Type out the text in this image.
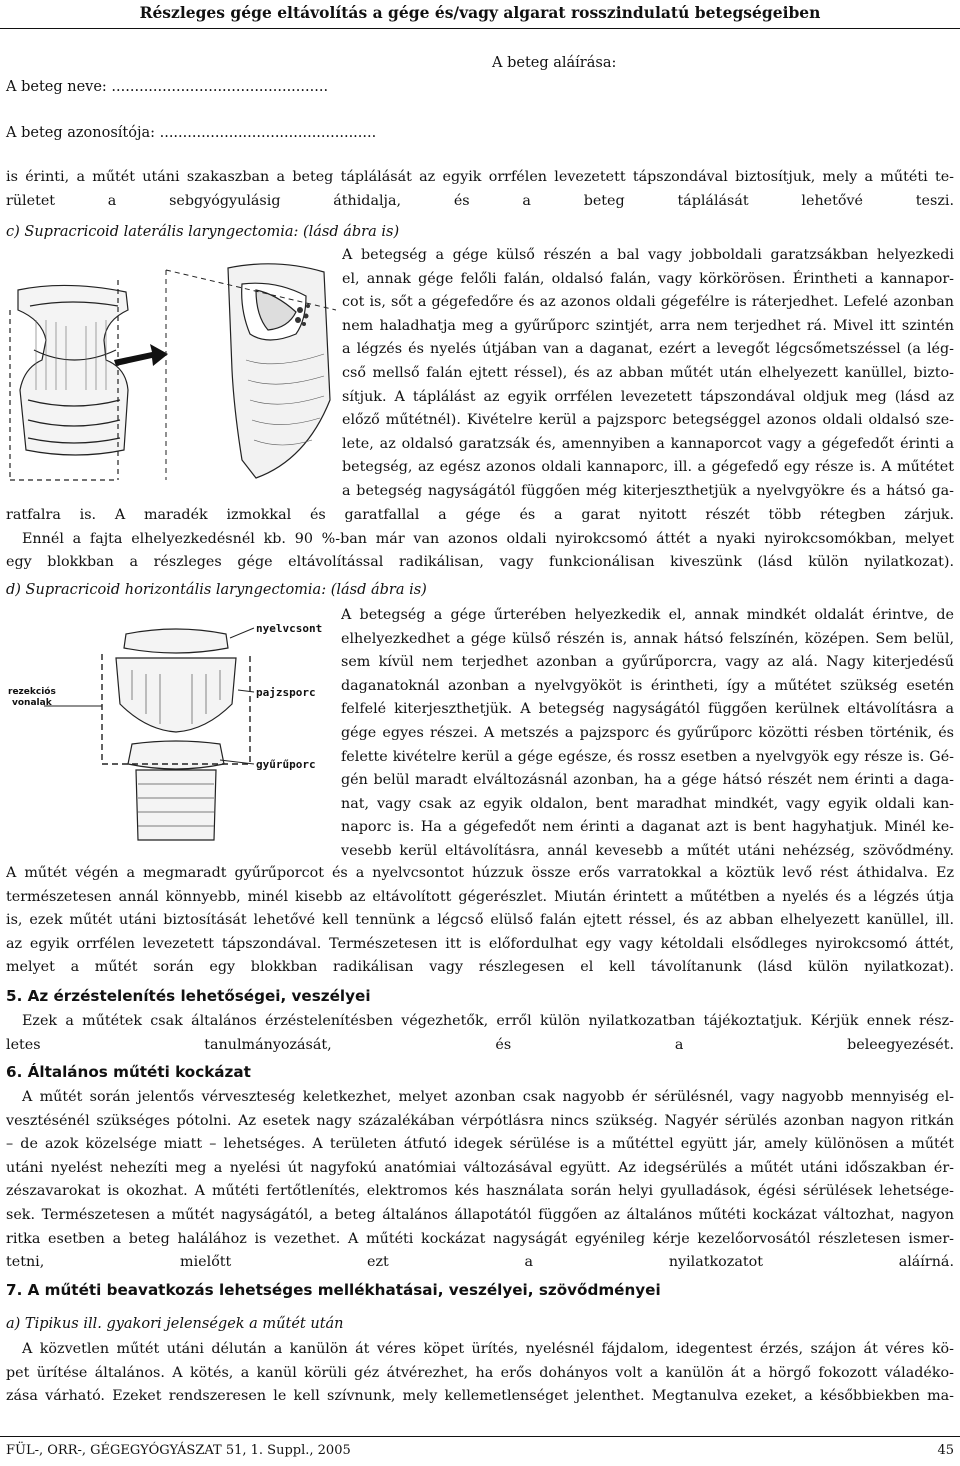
Részleges gége eltávolítás a gége és/vagy algarat rosszindulatú betegségeiben
A beteg neve: ...............................................
A beteg aláírása:
A beteg azonosítója: ...............................................​
is érinti, a műtét utáni szakaszban a beteg táplálását az egyik orrfélen levezetett tápszondával biztosítjuk, mely a műtéti te-
rületet a sebgyógyulásig áthidalja, és a beteg táplálását lehetővé teszi.
c) Supracricoid laterális laryngectomia: (lásd ábra is)
A betegség a gége külső részén a bal vagy jobboldali garatzsákban helyezkedi
el, annak gége felőli falán, oldalsó falán, vagy körkörösen. Érintheti a kannapor-
cot is, sőt a gégefedőre és az azonos oldali gégefélre is ráterjedhet. Lefelé azonban
nem haladhatja meg a gyűrűporc szintjét, arra nem terjedhet rá. Mivel itt szintén
a légzés és nyelés útjában van a daganat, ezért a levegőt légcsőmetszéssel (a lég-
cső mellső falán ejtett réssel), és az abban műtét után elhelyezett kanüllel, bizto-
sítjuk. A táplálást az egyik orrfélen levezetett tápszondával oldjuk meg (lásd az
előző műtétnél). Kivételre kerül a pajzsporc betegséggel azonos oldali oldalsó sze-
lete, az oldalsó garatzsák és, amennyiben a kannaporcot vagy a gégefedőt érinti a
betegség, az egész azonos oldali kannaporc, ill. a gégefedő egy része is. A műtétet
a betegség nagyságától függően még kiterjeszthetjük a nyelvgyökre és a hátsó ga-
ratfalra is. A maradék izmokkal és garatfallal a gége és a garat nyitott részét több rétegben zárjuk.
Ennél a fajta elhelyezkedésnél kb. 90 %-ban már van azonos oldali nyirokcsomó áttét a nyaki nyirokcsomókban, melyet
egy blokkban a részleges gége eltávolítással radikálisan, vagy funkcionálisan kiveszünk (lásd külön nyilatkozat).
d) Supracricoid horizontális laryngectomia: (lásd ábra is)
nyelvcsont
pajzsporc
gyűrűporc
rezekciós
vonalak
A betegség a gége űrterében helyezkedik el, annak mindkét oldalát érintve, de
elhelyezkedhet a gége külső részén is, annak hátsó felszínén, középen. Sem belül,
sem kívül nem terjedhet azonban a gyűrűporcra, vagy az alá. Nagy kiterjedésű
daganatoknál azonban a nyelvgyököt is érintheti, így a műtétet szükség esetén
felfelé kiterjeszthetjük. A betegség nagyságától függően kerülnek eltávolításra a
gége egyes részei. A metszés a pajzsporc és gyűrűporc közötti résben történik, és
felette kivételre kerül a gége egésze, és rossz esetben a nyelvgyök egy része is. Gé-
gén belül maradt elváltozásnál azonban, ha a gége hátsó részét nem érinti a daga-
nat, vagy csak az egyik oldalon, bent maradhat mindkét, vagy egyik oldali kan-
naporc is. Ha a gégefedőt nem érinti a daganat azt is bent hagyhatjuk. Minél ke-
vesebb kerül eltávolításra, annál kevesebb a műtét utáni nehézség, szövődmény.
A műtét végén a megmaradt gyűrűporcot és a nyelvcsontot húzzuk össze erős varratokkal a köztük levő rést áthidalva. Ez
természetesen annál könnyebb, minél kisebb az eltávolított gégerészlet. Miután érintett a műtétben a nyelés és a légzés útja
is, ezek műtét utáni biztosítását lehetővé kell tennünk a légcső elülső falán ejtett réssel, és az abban elhelyezett kanüllel, ill.
az egyik orrfélen levezetett tápszondával. Természetesen itt is előfordulhat egy vagy kétoldali elsődleges nyirokcsomó áttét,
melyet a műtét során egy blokkban radikálisan vagy részlegesen el kell távolítanunk (lásd külön nyilatkozat).
5. Az érzéstelenítés lehetőségei, veszélyei
Ezek a műtétek csak általános érzéstelenítésben végezhetők, erről külön nyilatkozatban tájékoztatjuk. Kérjük ennek rész-
letes tanulmányozását, és a beleegyezését.
6. Általános műtéti kockázat
A műtét során jelentős vérveszteség keletkezhet, melyet azonban csak nagyobb ér sérülésnél, vagy nagyobb mennyiség el-
vesztésénél szükséges pótolni. Az esetek nagy százalékában vérpótlásra nincs szükség. Nagyér sérülés azonban nagyon ritkán
– de azok közelsége miatt – lehetséges. A területen átfutó idegek sérülése is a műtéttel együtt jár, amely különösen a műtét
utáni nyelést nehezíti meg a nyelési út nagyfokú anatómiai változásával együtt. Az idegsérülés a műtét utáni időszakban ér-
zészavarokat is okozhat. A műtéti fertőtlenítés, elektromos kés használata során helyi gyulladások, égési sérülések lehetsége-
sek. Természetesen a műtét nagyságától, a beteg általános állapotától függően az általános műtéti kockázat változhat, nagyon
ritka esetben a beteg halálához is vezethet. A műtéti kockázat nagyságát egyénileg kérje kezelőorvosától részletesen ismer-
tetni, mielőtt ezt a nyilatkozatot aláírná.
7. A műtéti beavatkozás lehetséges mellékhatásai, veszélyei, szövődményei
a) Tipikus ill. gyakori jelenségek a műtét után
A közvetlen műtét utáni délután a kanülön át véres köpet ürítés, nyelésnél fájdalom, idegentest érzés, szájon át véres kö-
pet ürítése általános. A kötés, a kanül körüli géz átvérezhet, ha erős dohányos volt a kanülön át a hörgő fokozott váladéko-
zása várható. Ezeket rendszeresen le kell szívnunk, mely kellemetlenséget jelenthet. Megtanulva ezeket, a későbbiekben ma-
FÜL-, ORR-, GÉGEGYÓGYÁSZAT 51, 1. Suppl., 2005	45
